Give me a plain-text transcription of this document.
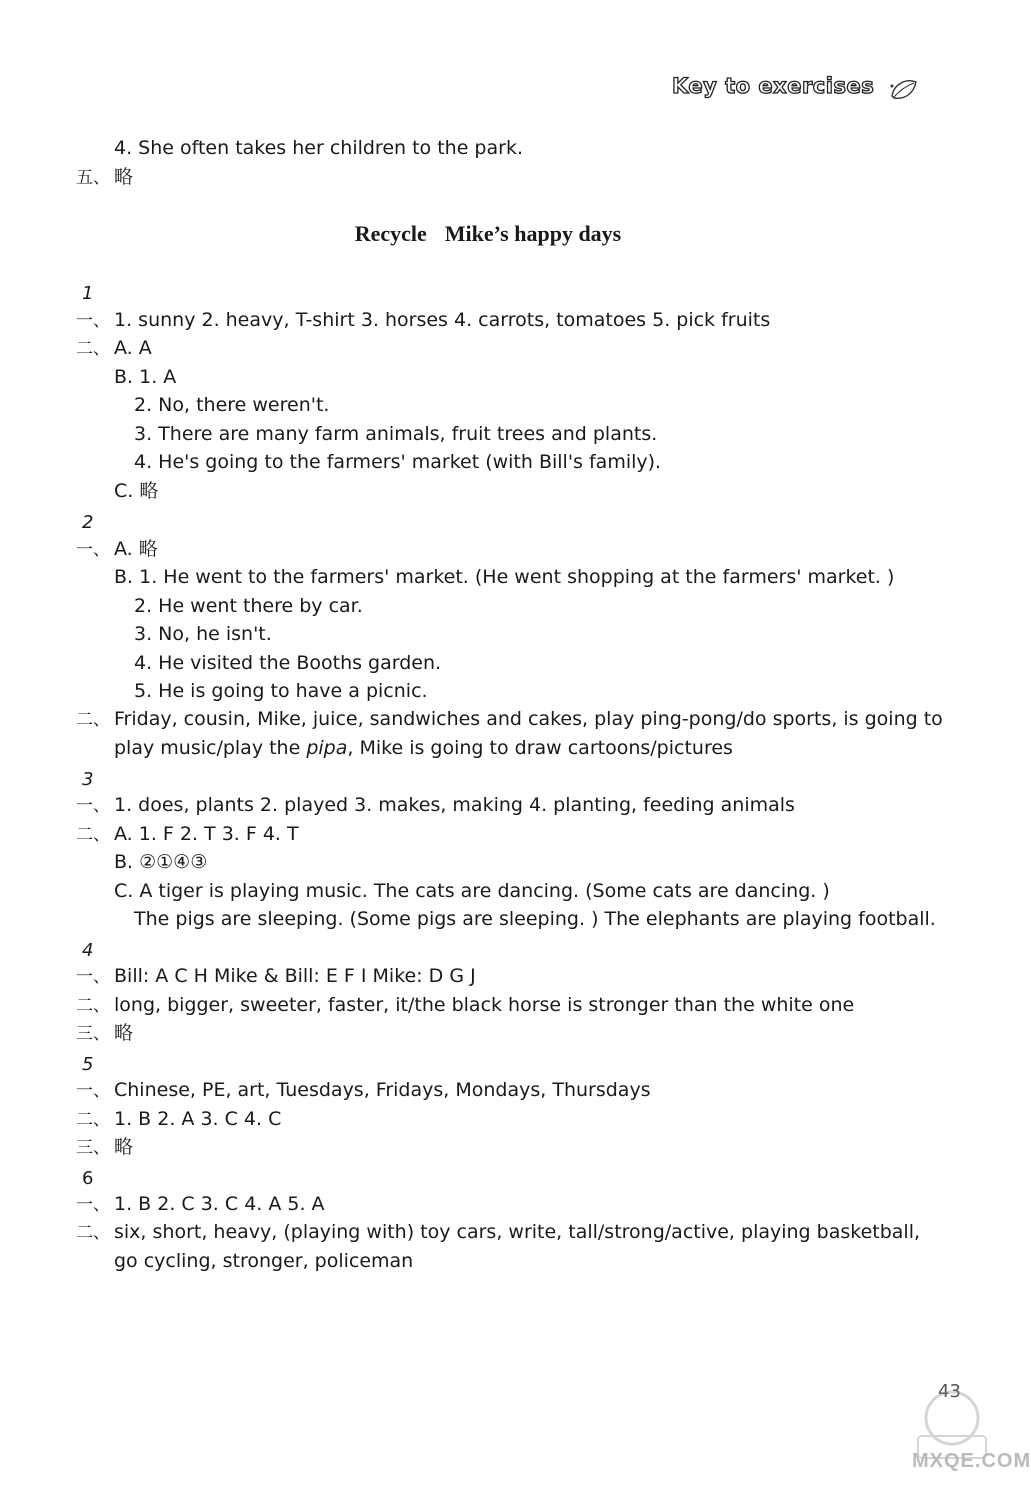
Key to exercises
4. She often takes her children to the park.
五、 略
Recycle Mike’s happy days
1
一、 1. sunny 2. heavy, T-shirt 3. horses 4. carrots, tomatoes 5. pick fruits
二、 A. A
B. 1. A
2. No, there weren't.
3. There are many farm animals, fruit trees and plants.
4. He's going to the farmers' market (with Bill's family).
C. 略
2
一、 A. 略
B. 1. He went to the farmers' market. (He went shopping at the farmers' market. )
2. He went there by car.
3. No, he isn't.
4. He visited the Booths garden.
5. He is going to have a picnic.
二、 Friday, cousin, Mike, juice, sandwiches and cakes, play ping-pong/do sports, is going to
play music/play the pipa, Mike is going to draw cartoons/pictures
3
一、 1. does, plants 2. played 3. makes, making 4. planting, feeding animals
二、 A. 1. F 2. T 3. F 4. T
B. ②①④③
C. A tiger is playing music. The cats are dancing. (Some cats are dancing. )
The pigs are sleeping. (Some pigs are sleeping. ) The elephants are playing football.
4
一、 Bill: A C H Mike & Bill: E F I Mike: D G J
二、 long, bigger, sweeter, faster, it/the black horse is stronger than the white one
三、 略
5
一、 Chinese, PE, art, Tuesdays, Fridays, Mondays, Thursdays
二、 1. B 2. A 3. C 4. C
三、 略
6
一、 1. B 2. C 3. C 4. A 5. A
二、 six, short, heavy, (playing with) toy cars, write, tall/strong/active, playing basketball,
go cycling, stronger, policeman
43
MXQE.COM
